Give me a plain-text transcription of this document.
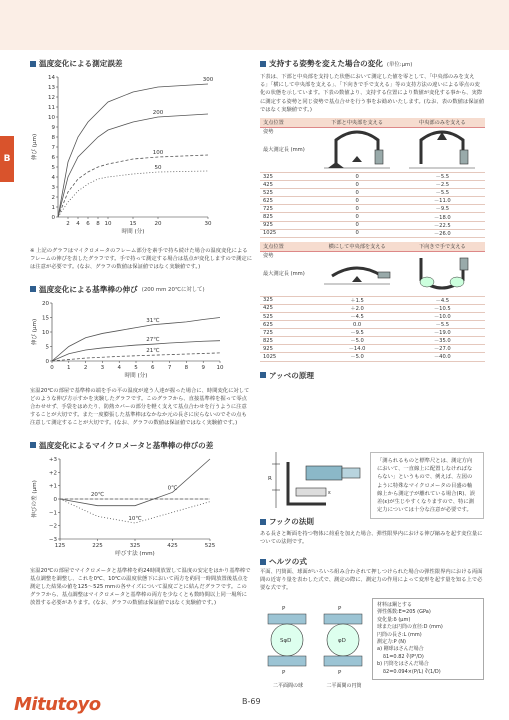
B
温度変化による測定誤差
0
1
2
3
4
5
6
7
8
9
10
11
12
13
14
2 4 6 8 10	15	20	30
300
200
100
50
時間 (分)
伸び (μm)
※ 上記のグラフはマイクロメータのフレーム部分を素手で持ち続けた場合の温度変化によるフレームの伸びを表したグラフです。手で持って測定する場合は基点が変化しますので測定には注意が必要です。(なお、グラフの数値は保証値ではなく実験値です。)
温度変化による基準棒の伸び (200 mm 20℃に対して)
0
5
10
15
20
0 1 2 3 4 5 6 7 8 9 10
31℃
27℃
21℃
時間 (分)
伸び (μm)
室温20℃の部屋で基準棒の端を手の平の温度が違う人達が握った場合に、時間変化に対してどのような伸び方示すかを実験したグラフです。このグラフから、直接基準棒を握って零点合わせせず、手袋をはめたり、防熱カバーの部分を軽く支えて基点合わせを行うように注意することが大切です。また一度膨張した基準棒はなかなか元の長さに戻らないのでその点も注意して測定することが大切です。(なお、グラフの数値は保証値ではなく実験値です。)
温度変化によるマイクロメータと基準棒の伸びの差
−3
−2
−1
0
+1
+2
+3
125	225	325	425	525
0℃
20℃
10℃
呼びす法 (mm)
伸びの差 (μm)
室温20℃の部屋でマイクロメータと基準棒を約24時間放置して温度の安定をはかり基準棒で基点調整を調整し、これを0℃、10℃の温度状態下において両方を約同一時間放置後基点を測定した結果の値を125〜525 mmの各サイズについて温度ごとに結んだグラフです。このグラフから、基点調整はマイクロメータと基準棒の両方を少なくとも数時間以上同一場所に放置する必要があります。(なお、グラフの数値は保証値ではなく実験値です。)
支持する姿勢を変えた場合の変化 (単位:μm)
下表は、下部と中央部を支持した状態において測定した値を零として、「中央部のみを支える」「横にして中央部を支える」、「下向きで手で支える」等の支持方法の違いによる零点の変化の状態を示しています。下表の数値より、支持する位置により数値が変化する事から、実際に測定する姿勢と同じ姿勢で基点合せを行う事をお勧めいたします。(なお、表の数値は保証値ではなく実験値です。)
支点位置	下部と中央部を支える	中央部のみを支える
姿勢

最大測定長 (mm)		
325	0	－5.5
425	0	－2.5
525	0	－5.5
625	0	－11.0
725	0	－9.5
825	0	－18.0
925	0	－22.5
1025	0	－26.0
支点位置	横にして中央部を支える	下向きで手で支える
姿勢

最大測定長 (mm)		
325	＋1.5	－4.5
425	＋2.0	－10.5
525	－4.5	－10.0
625	0.0	－5.5
725	－9.5	－19.0
825	－5.0	－35.0
925	－14.0	－27.0
1025	－5.0	－40.0
アッベの原理
R
ε
「測られるものと標準尺とは、測定方向において、一直線上に配置しなければならない」というもので、例えば、左図のように特殊なマイクロメータの目盛の軸線上から測定子が離れている場合(R)、誤差(ε)が生じやすくなりますので、特に測定力については十分な注意が必要です。
フックの法則
ある長さと断面を持つ物体に荷重を加えた場合、弾性限界内における伸び縮みを起す変位量についての法則です。
ヘルツの式
平面、円筒面、球面がいろいろ組み合わされて押しつけられた場合の弾性限界内における両面間の近寄り量を表わした式で、測定の際に、測定力の作用によって変形を起す量を知る上で必要な式です。
P
SφD
P
P
φD
P
二平面間の球	二平面間の円筒
材料は鋼とする
弾性係数:E=205 (GPa)
変化量:δ (μm)
球または円筒の直径:D (mm)
円筒の長さ:L (mm)
測定力:P (N)
a) 剛球はさんだ場合
δ1=0.82 ∛(P²/D)
b) 円筒をはさんだ場合
δ2=0.094×(P/L) ∛(1/D)
Mitutoyo	B-69
